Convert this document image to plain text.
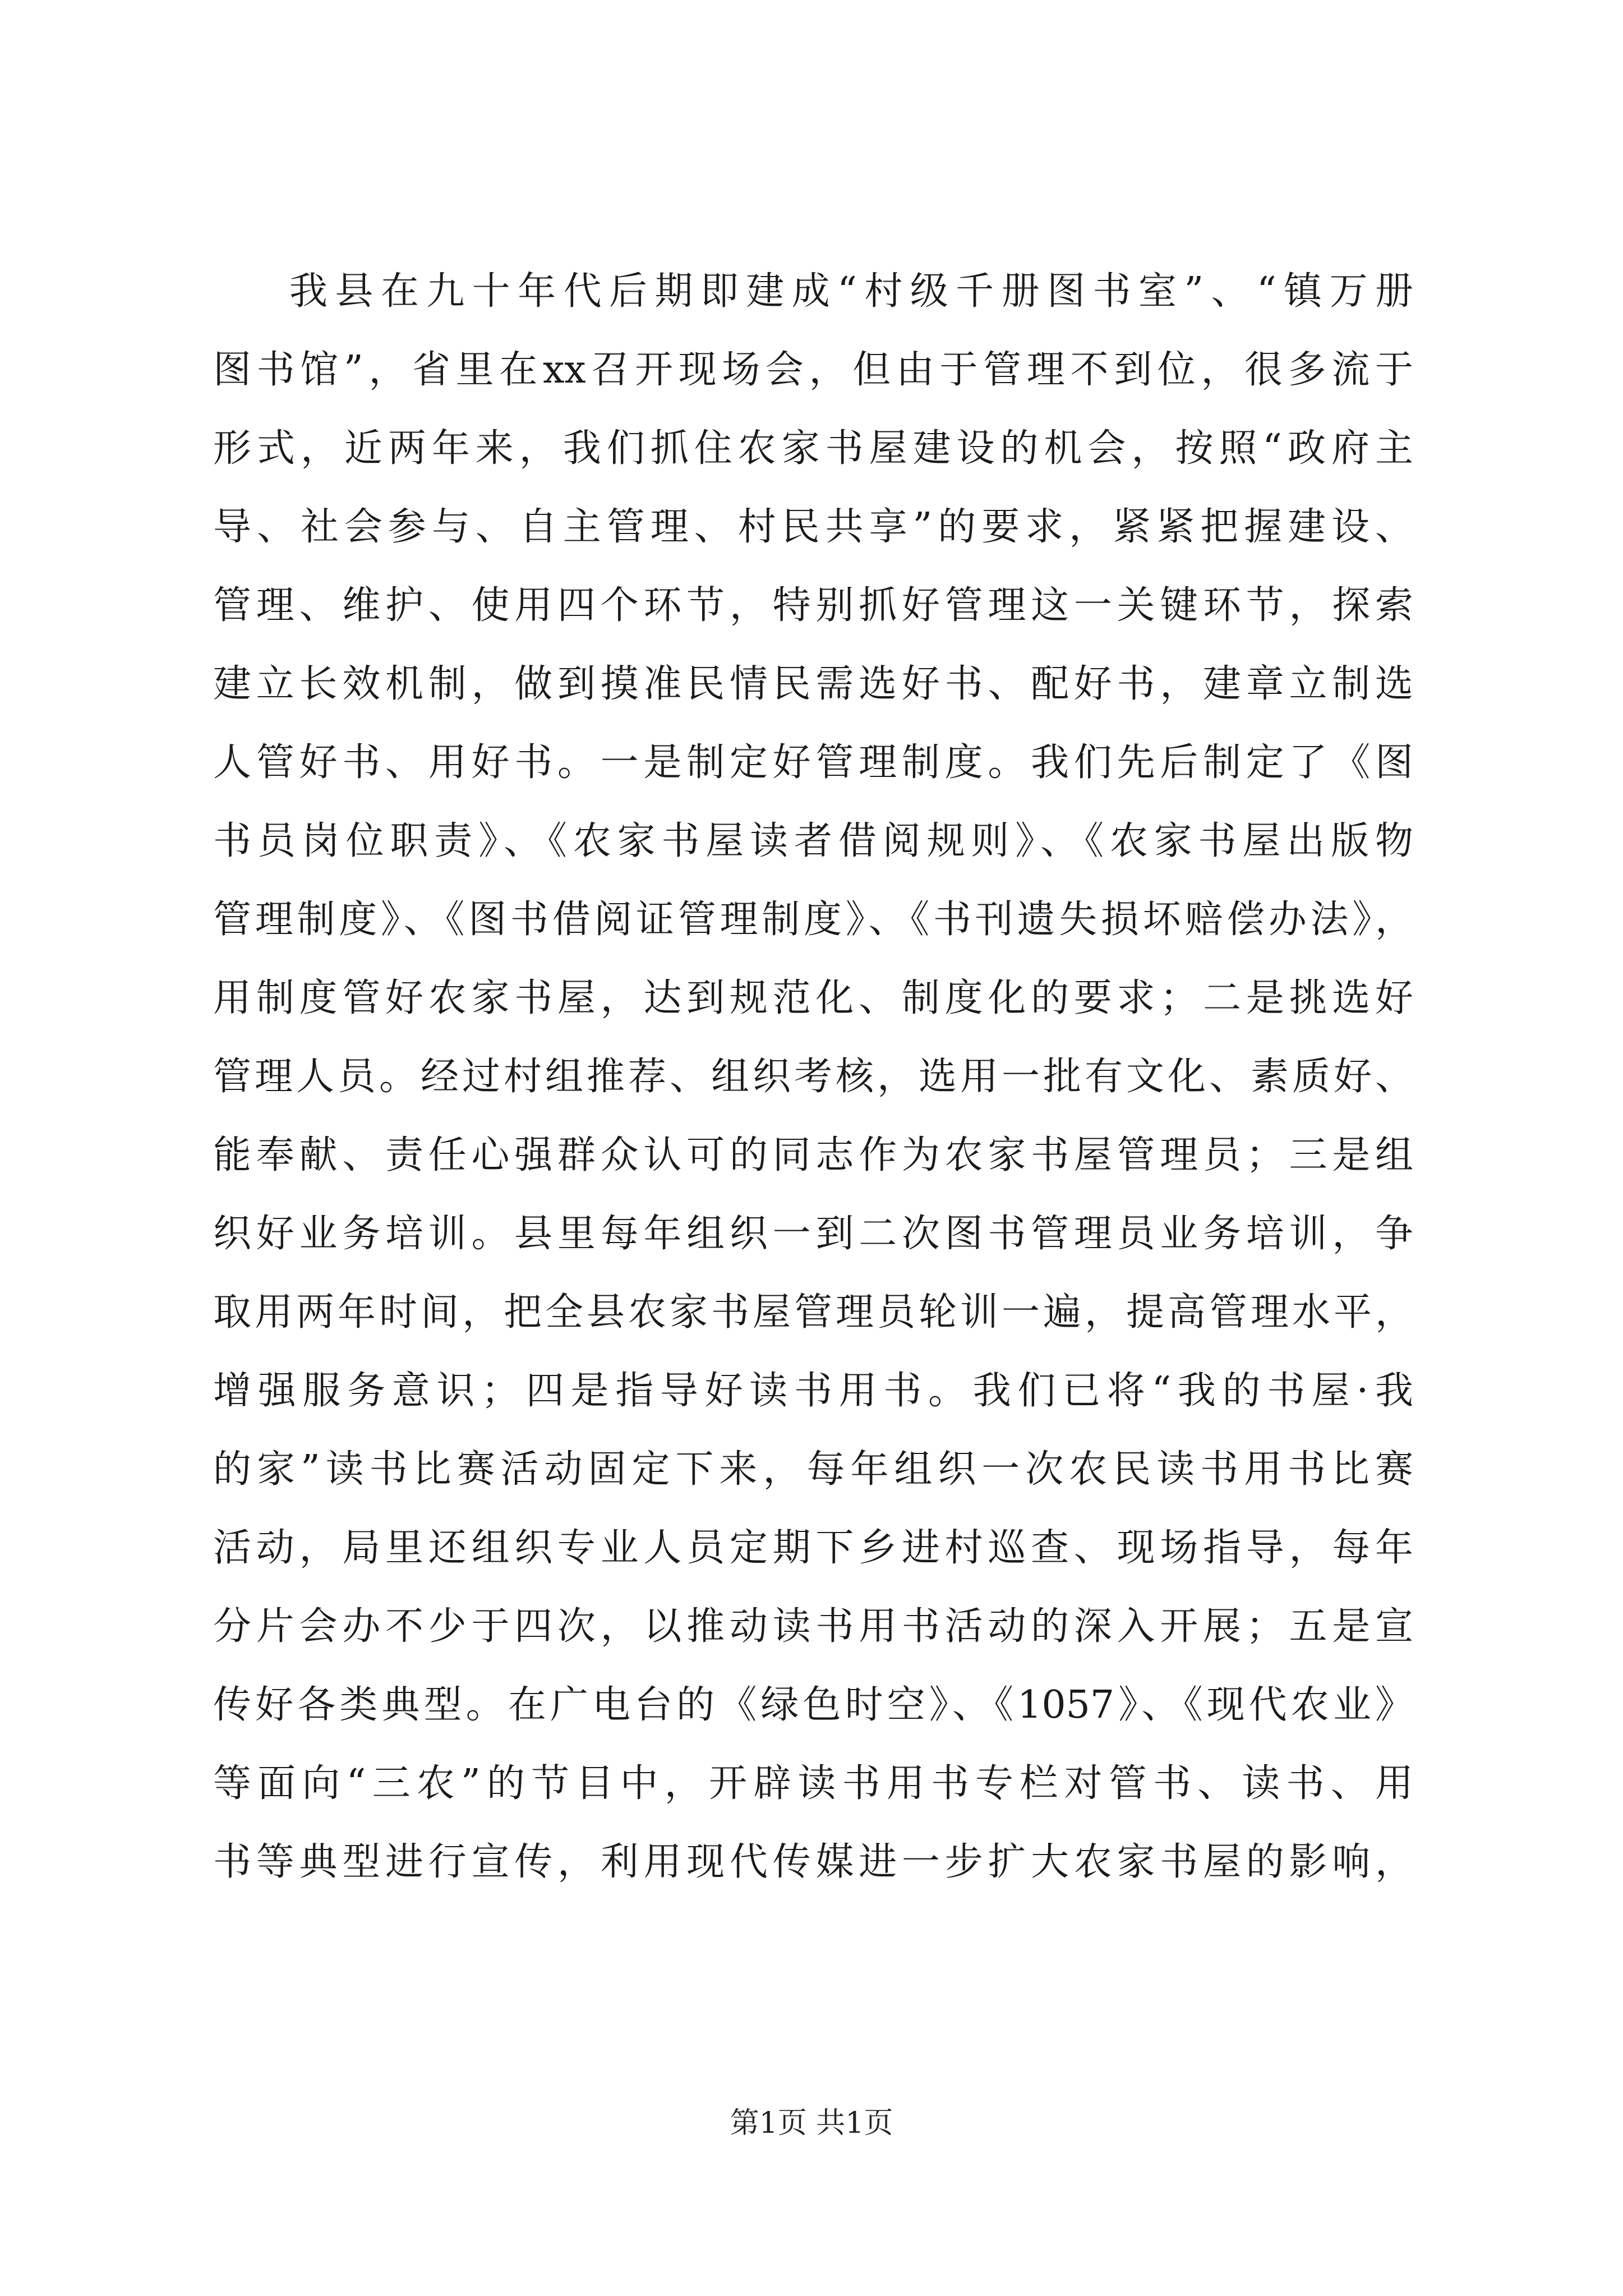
我县在九十年代后期即建成“村级千册图书室”、“镇万册
图书馆”，省里在xx召开现场会，但由于管理不到位，很多流于
形式，近两年来，我们抓住农家书屋建设的机会，按照“政府主
导、社会参与、自主管理、村民共享”的要求，紧紧把握建设、
管理、维护、使用四个环节，特别抓好管理这一关键环节，探索
建立长效机制，做到摸准民情民需选好书、配好书，建章立制选
人管好书、用好书。一是制定好管理制度。我们先后制定了《图
书员岗位职责》、《农家书屋读者借阅规则》、《农家书屋出版物
管理制度》、《图书借阅证管理制度》、《书刊遗失损坏赔偿办法》，
用制度管好农家书屋，达到规范化、制度化的要求；二是挑选好
管理人员。经过村组推荐、组织考核，选用一批有文化、素质好、
能奉献、责任心强群众认可的同志作为农家书屋管理员；三是组
织好业务培训。县里每年组织一到二次图书管理员业务培训，争
取用两年时间，把全县农家书屋管理员轮训一遍，提高管理水平，
增强服务意识；四是指导好读书用书。我们已将“我的书屋·我
的家”读书比赛活动固定下来，每年组织一次农民读书用书比赛
活动，局里还组织专业人员定期下乡进村巡查、现场指导，每年
分片会办不少于四次，以推动读书用书活动的深入开展；五是宣
传好各类典型。在广电台的《绿色时空》、《1057》、《现代农业》
等面向“三农”的节目中，开辟读书用书专栏对管书、读书、用
书等典型进行宣传，利用现代传媒进一步扩大农家书屋的影响，
第1页 共1页
